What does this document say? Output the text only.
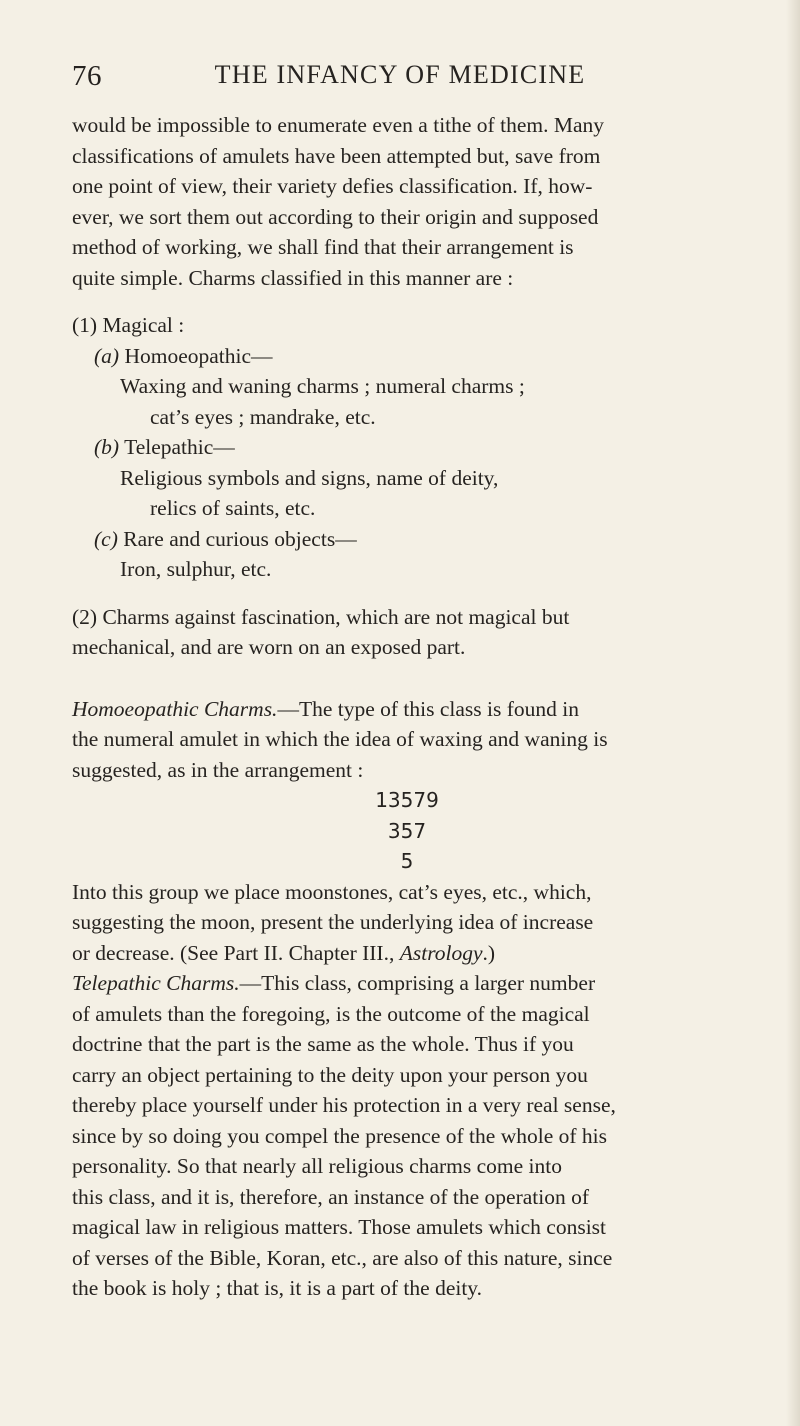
76	THE INFANCY OF MEDICINE

would be impossible to enumerate even a tithe of them. Many

classifications of amulets have been attempted but, save from

one point of view, their variety defies classification. If, how-

ever, we sort them out according to their origin and supposed

method of working, we shall find that their arrangement is

quite simple. Charms classified in this manner are :

(1) Magical :

(a) Homoeopathic—

Waxing and waning charms ; numeral charms ;

cat’s eyes ; mandrake, etc.

(b) Telepathic—

Religious symbols and signs, name of deity,

relics of saints, etc.

(c) Rare and curious objects—

Iron, sulphur, etc.

(2) Charms against fascination, which are not magical but

mechanical, and are worn on an exposed part.

Homoeopathic Charms.—The type of this class is found in

the numeral amulet in which the idea of waxing and waning is

suggested, as in the arrangement :

13579

357

5

Into this group we place moonstones, cat’s eyes, etc., which,

suggesting the moon, present the underlying idea of increase

or decrease. (See Part II. Chapter III., Astrology.)

Telepathic Charms.—This class, comprising a larger number

of amulets than the foregoing, is the outcome of the magical

doctrine that the part is the same as the whole. Thus if you

carry an object pertaining to the deity upon your person you

thereby place yourself under his protection in a very real sense,

since by so doing you compel the presence of the whole of his

personality. So that nearly all religious charms come into

this class, and it is, therefore, an instance of the operation of

magical law in religious matters. Those amulets which consist

of verses of the Bible, Koran, etc., are also of this nature, since

the book is holy ; that is, it is a part of the deity.
